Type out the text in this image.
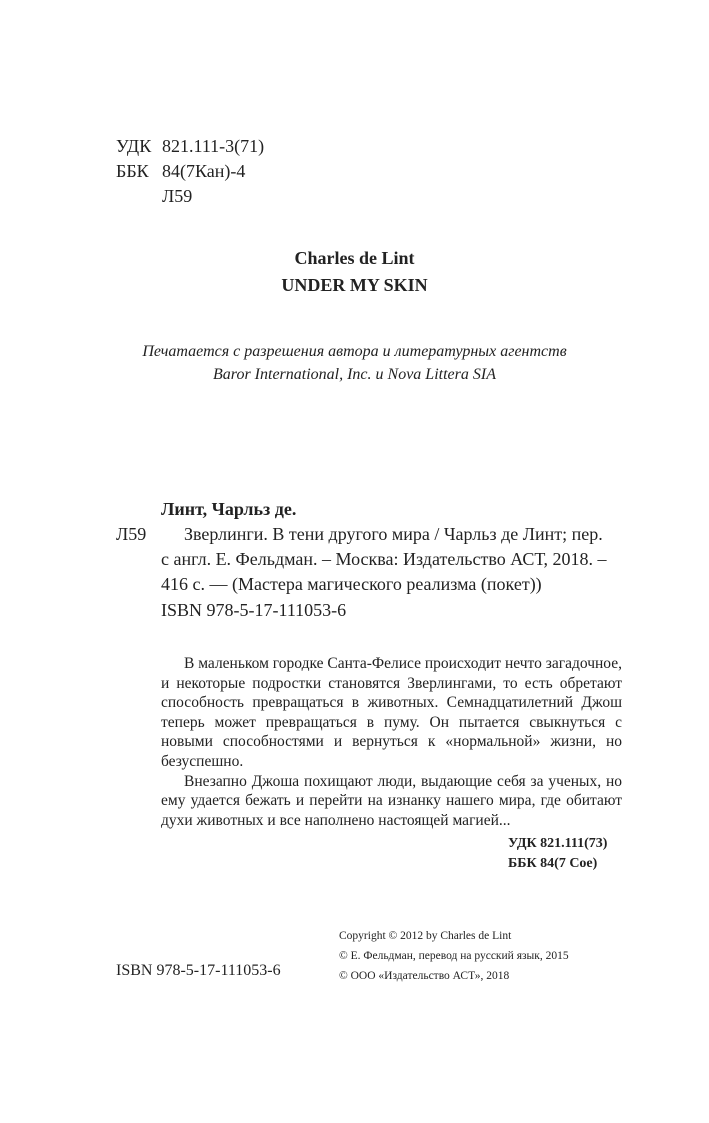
УДК 821.111-3(71)
ББК 84(7Кан)-4
Л59
Charles de Lint
UNDER MY SKIN
Печатается с разрешения автора и литературных агентств
Baror International, Inc. и Nova Littera SIA
Линт, Чарльз де.
Л59 Зверлинги. В тени другого мира / Чарльз де Линт; пер.
с англ. Е. Фельдман. – Москва: Издательство АСТ, 2018. –
416 с. — (Мастера магического реализма (покет))
ISBN 978-5-17-111053-6

В маленьком городке Санта-Фелисе происходит нечто загадочное, и некоторые подростки становятся Зверлингами, то есть обретают способность превращаться в животных. Семнадцатилетний Джош теперь может превращаться в пуму. Он пытается свыкнуться с новыми способностями и вернуться к «нормальной» жизни, но безуспешно.

Внезапно Джоша похищают люди, выдающие себя за ученых, но ему удается бежать и перейти на изнанку нашего мира, где обитают духи животных и все наполнено настоящей магией...

УДК 821.111(73)
ББК 84(7 Сое)
ISBN 978-5-17-111053-6
Copyright © 2012 by Charles de Lint
© Е. Фельдман, перевод на русский язык, 2015
© ООО «Издательство АСТ», 2018
